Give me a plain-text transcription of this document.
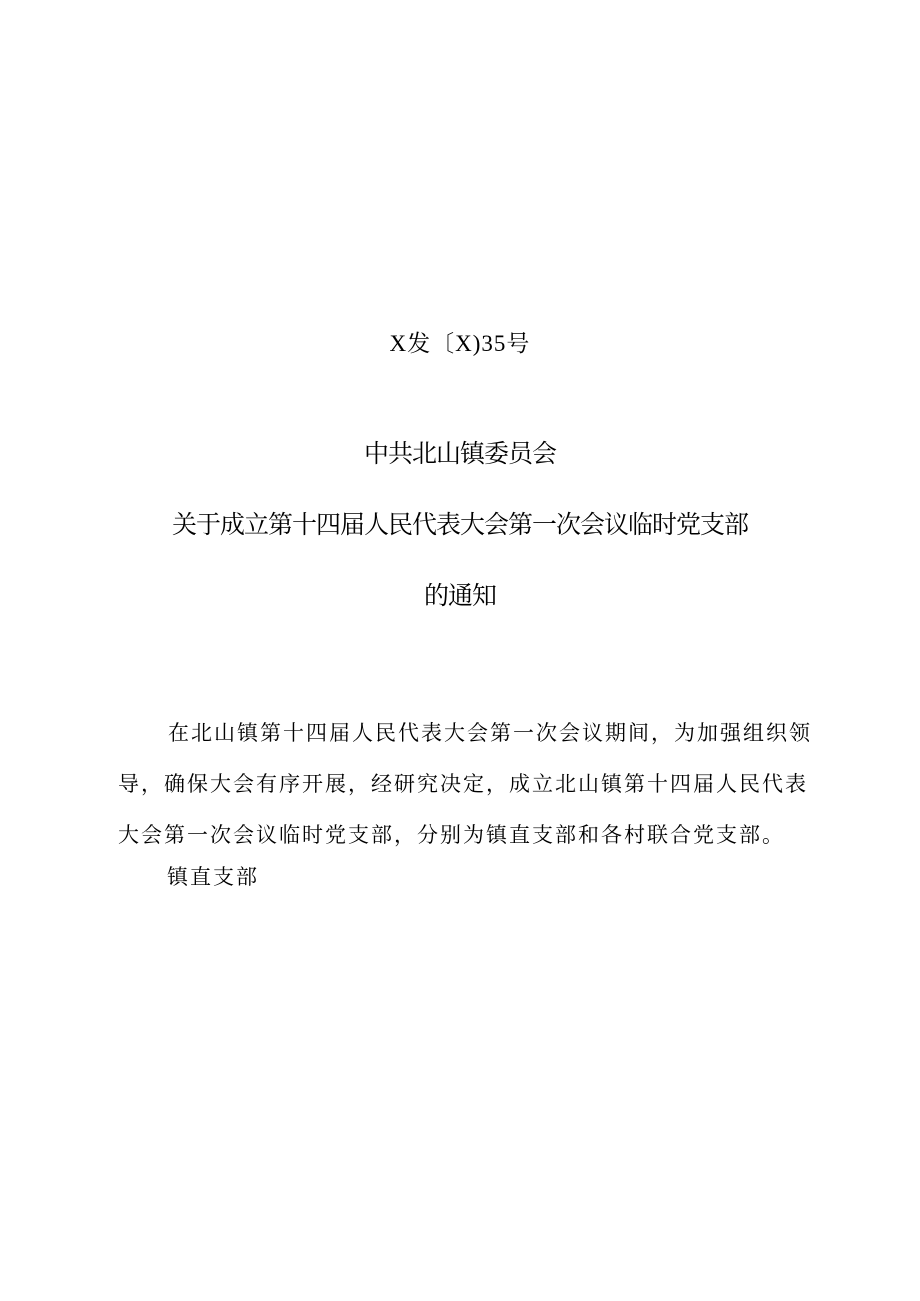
X发〔X)35号

中共北山镇委员会
关于成立第十四届人民代表大会第一次会议临时党支部
的通知

在北山镇第十四届人民代表大会第一次会议期间，为加强组织领导，确保大会有序开展，经研究决定，成立北山镇第十四届人民代表大会第一次会议临时党支部，分别为镇直支部和各村联合党支部。

镇直支部
